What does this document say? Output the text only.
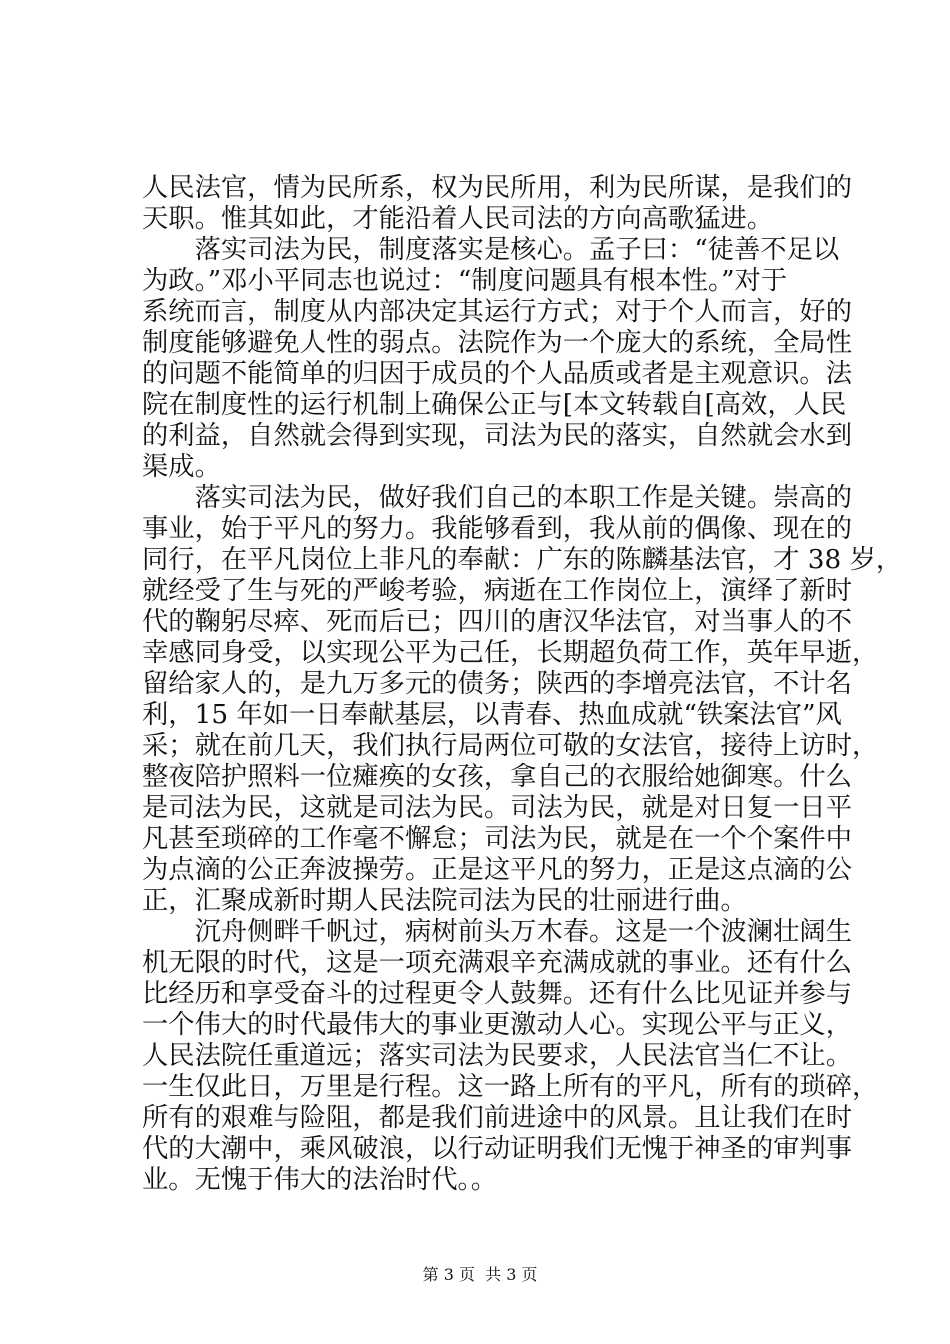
人民法官，情为民所系，权为民所用，利为民所谋，是我们的
天职。惟其如此，才能沿着人民司法的方向高歌猛进。
　　落实司法为民，制度落实是核心。孟子曰：“徒善不足以
为政。”邓小平同志也说过：“制度问题具有根本性。”对于
系统而言，制度从内部决定其运行方式；对于个人而言，好的
制度能够避免人性的弱点。法院作为一个庞大的系统，全局性
的问题不能简单的归因于成员的个人品质或者是主观意识。法
院在制度性的运行机制上确保公正与[本文转载自[高效，人民
的利益，自然就会得到实现，司法为民的落实，自然就会水到
渠成。
　　落实司法为民，做好我们自己的本职工作是关键。崇高的
事业，始于平凡的努力。我能够看到，我从前的偶像、现在的
同行，在平凡岗位上非凡的奉献：广东的陈麟基法官，才 38 岁，
就经受了生与死的严峻考验，病逝在工作岗位上，演绎了新时
代的鞠躬尽瘁、死而后已；四川的唐汉华法官，对当事人的不
幸感同身受，以实现公平为己任，长期超负荷工作，英年早逝，
留给家人的，是九万多元的债务；陕西的李增亮法官，不计名
利，15 年如一日奉献基层，以青春、热血成就“铁案法官”风
采；就在前几天，我们执行局两位可敬的女法官，接待上访时，
整夜陪护照料一位瘫痪的女孩，拿自己的衣服给她御寒。什么
是司法为民，这就是司法为民。司法为民，就是对日复一日平
凡甚至琐碎的工作毫不懈怠；司法为民，就是在一个个案件中
为点滴的公正奔波操劳。正是这平凡的努力，正是这点滴的公
正，汇聚成新时期人民法院司法为民的壮丽进行曲。
　　沉舟侧畔千帆过，病树前头万木春。这是一个波澜壮阔生
机无限的时代，这是一项充满艰辛充满成就的事业。还有什么
比经历和享受奋斗的过程更令人鼓舞。还有什么比见证并参与
一个伟大的时代最伟大的事业更激动人心。实现公平与正义，
人民法院任重道远；落实司法为民要求，人民法官当仁不让。
一生仅此日，万里是行程。这一路上所有的平凡，所有的琐碎，
所有的艰难与险阻，都是我们前进途中的风景。且让我们在时
代的大潮中，乘风破浪，以行动证明我们无愧于神圣的审判事
业。无愧于伟大的法治时代。。

第 3 页  共 3 页
